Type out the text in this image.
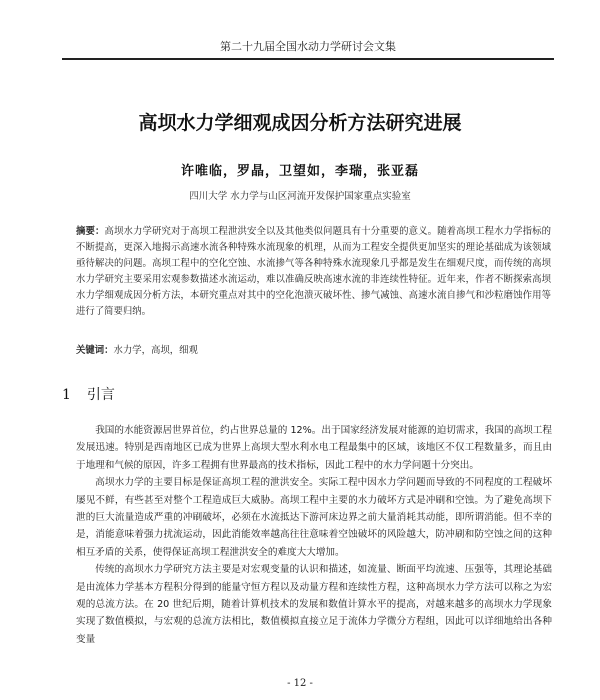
第二十九届全国水动力学研讨会文集
高坝水力学细观成因分析方法研究进展
许唯临，罗晶，卫望如，李瑞，张亚磊
四川大学 水力学与山区河流开发保护国家重点实验室
摘要：高坝水力学研究对于高坝工程泄洪安全以及其他类似问题具有十分重要的意义。随着高坝工程水力学指标的不断提高，更深入地揭示高速水流各种特殊水流现象的机理，从而为工程安全提供更加坚实的理论基础成为该领域亟待解决的问题。高坝工程中的空化空蚀、水流掺气等各种特殊水流现象几乎都是发生在细观尺度，而传统的高坝水力学研究主要采用宏观参数描述水流运动，难以准确反映高速水流的非连续性特征。近年来，作者不断探索高坝水力学细观成因分析方法，本研究重点对其中的空化泡溃灭破坏性、掺气减蚀、高速水流自掺气和沙粒磨蚀作用等进行了简要归纳。
关键词：水力学，高坝，细观
1 引言

我国的水能资源居世界首位，约占世界总量的 12%。出于国家经济发展对能源的迫切需求，我国的高坝工程发展迅速。特别是西南地区已成为世界上高坝大型水利水电工程最集中的区域，该地区不仅工程数量多，而且由于地理和气候的原因，许多工程拥有世界最高的技术指标，因此工程中的水力学问题十分突出。

高坝水力学的主要目标是保证高坝工程的泄洪安全。实际工程中因水力学问题而导致的不同程度的工程破坏屡见不鲜，有些甚至对整个工程造成巨大威胁。高坝工程中主要的水力破坏方式是冲刷和空蚀。为了避免高坝下泄的巨大流量造成严重的冲刷破坏，必须在水流抵达下游河床边界之前大量消耗其动能，即所谓消能。但不幸的是，消能意味着强力扰流运动，因此消能效率越高往往意味着空蚀破坏的风险越大，防冲刷和防空蚀之间的这种相互矛盾的关系，使得保证高坝工程泄洪安全的难度大大增加。

传统的高坝水力学研究方法主要是对宏观变量的认识和描述，如流量、断面平均流速、压强等，其理论基础是由流体力学基本方程积分得到的能量守恒方程以及动量方程和连续性方程，这种高坝水力学方法可以称之为宏观的总流方法。在 20 世纪后期，随着计算机技术的发展和数值计算水平的提高，对越来越多的高坝水力学现象实现了数值模拟，与宏观的总流方法相比，数值模拟直接立足于流体力学微分方程组，因此可以详细地给出各种变量

- 12 -
